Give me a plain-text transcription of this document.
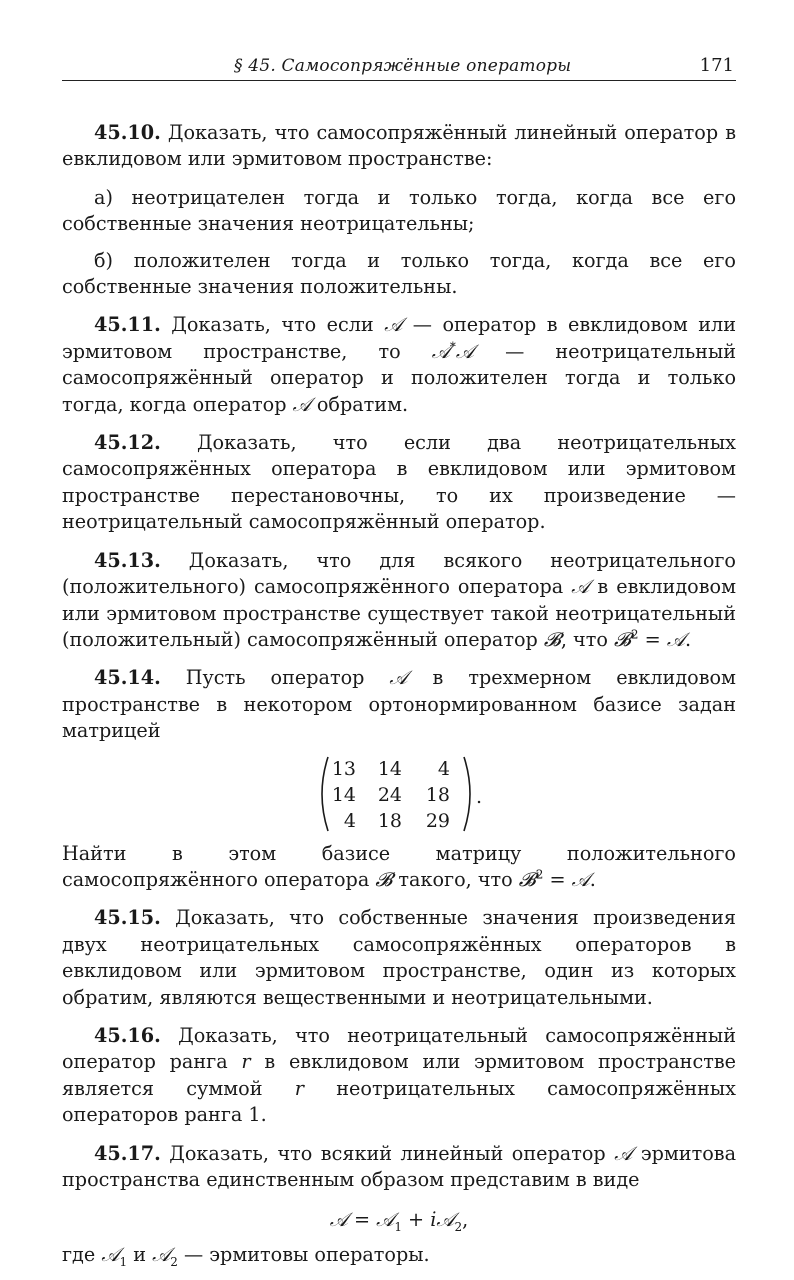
§ 45. Самосопряжённые операторы	171

45.10. Доказать, что самосопряжённый линейный оператор в евклидовом или эрмитовом пространстве:

а) неотрицателен тогда и только тогда, когда все его собственные значения неотрицательны;

б) положителен тогда и только тогда, когда все его собственные значения положительны.

45.11. Доказать, что если 𝒜 — оператор в евклидовом или эрмитовом пространстве, то 𝒜*𝒜 — неотрицательный самосопряжённый оператор и положителен тогда и только тогда, когда оператор 𝒜 обратим.

45.12. Доказать, что если два неотрицательных самосопряжённых оператора в евклидовом или эрмитовом пространстве перестановочны, то их произведение — неотрицательный самосопряжённый оператор.

45.13. Доказать, что для всякого неотрицательного (положительного) самосопряжённого оператора 𝒜 в евклидовом или эрмитовом пространстве существует такой неотрицательный (положительный) самосопряжённый оператор 𝓑, что 𝓑$^2$ = 𝒜.

45.14. Пусть оператор 𝒜 в трехмерном евклидовом пространстве в некотором ортонормированном базисе задан матрицей

13 14 4
14 24 18
4 18 29
.

Найти в этом базисе матрицу положительного самосопряжённого оператора 𝓑 такого, что 𝓑$^2$ = 𝒜.

45.15. Доказать, что собственные значения произведения двух неотрицательных самосопряжённых операторов в евклидовом или эрмитовом пространстве, один из которых обратим, являются вещественными и неотрицательными.

45.16. Доказать, что неотрицательный самосопряжённый оператор ранга r в евклидовом или эрмитовом пространстве является суммой r неотрицательных самосопряжённых операторов ранга 1.

45.17. Доказать, что всякий линейный оператор 𝒜 эрмитова пространства единственным образом представим в виде

𝒜 = 𝒜$_1$ + i𝒜$_2$,

где 𝒜$_1$ и 𝒜$_2$ — эрмитовы операторы.
